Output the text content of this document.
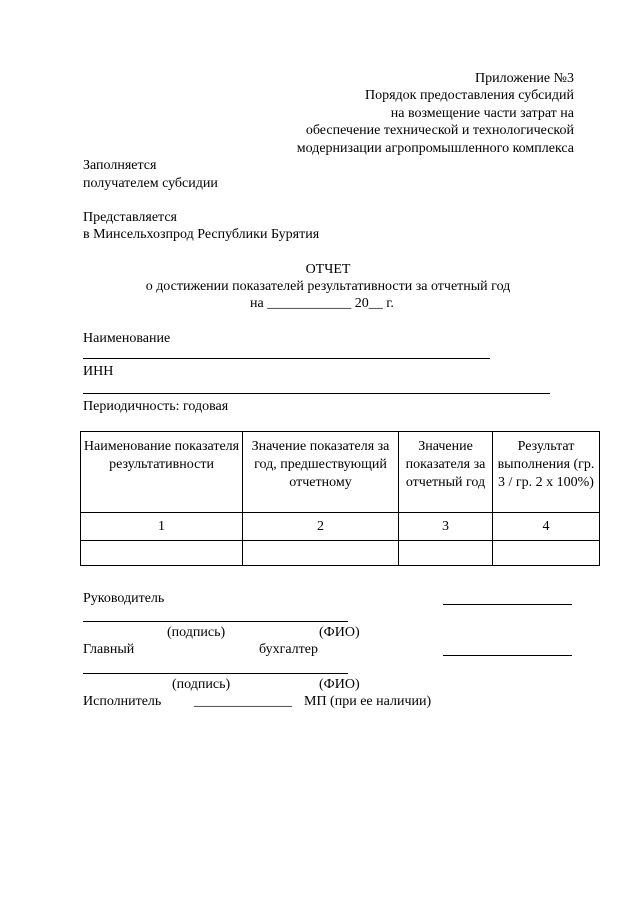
Приложение №3
Порядок предоставления субсидий
на возмещение части затрат на
обеспечение технической и технологической
модернизации агропромышленного комплекса
Заполняется
получателем субсидии
Представляется
в Минсельхозпрод Республики Бурятия
ОТЧЕТ
о достижении показателей результативности за отчетный год
на ____________ 20__ г.
Наименование
ИНН
Периодичность: годовая
Наименование показателя результативности	Значение показателя за год, предшествующий отчетному	Значение показателя за отчетный год	Результат выполнения (гр. 3 / гр. 2 х 100%)
1	2	3	4

Руководитель
(подпись)	(ФИО)
Главный	бухгалтер
(подпись)	(ФИО)
Исполнитель ______________ МП (при ее наличии)
